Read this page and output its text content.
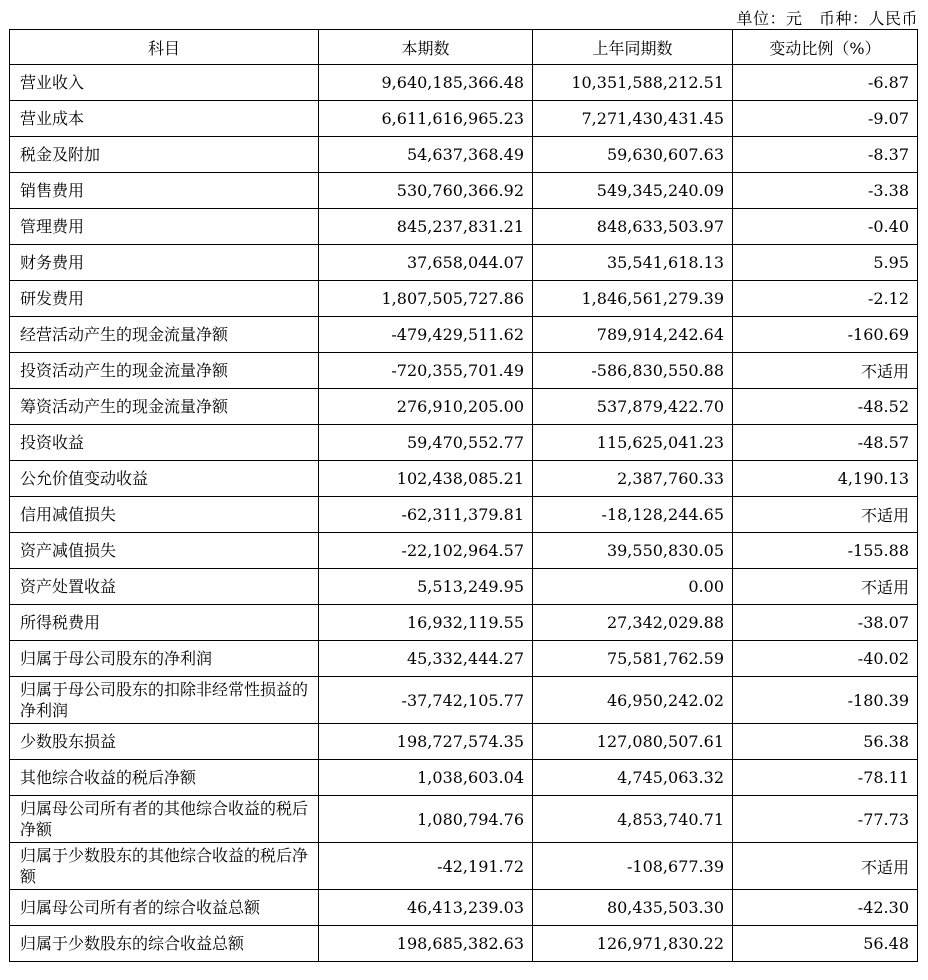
单位：元　币种：人民币
科目	本期数	上年同期数	变动比例（%）
营业收入	9,640,185,366.48	10,351,588,212.51	-6.87
营业成本	6,611,616,965.23	7,271,430,431.45	-9.07
税金及附加	54,637,368.49	59,630,607.63	-8.37
销售费用	530,760,366.92	549,345,240.09	-3.38
管理费用	845,237,831.21	848,633,503.97	-0.40
财务费用	37,658,044.07	35,541,618.13	5.95
研发费用	1,807,505,727.86	1,846,561,279.39	-2.12
经营活动产生的现金流量净额	-479,429,511.62	789,914,242.64	-160.69
投资活动产生的现金流量净额	-720,355,701.49	-586,830,550.88	不适用
筹资活动产生的现金流量净额	276,910,205.00	537,879,422.70	-48.52
投资收益	59,470,552.77	115,625,041.23	-48.57
公允价值变动收益	102,438,085.21	2,387,760.33	4,190.13
信用减值损失	-62,311,379.81	-18,128,244.65	不适用
资产减值损失	-22,102,964.57	39,550,830.05	-155.88
资产处置收益	5,513,249.95	0.00	不适用
所得税费用	16,932,119.55	27,342,029.88	-38.07
归属于母公司股东的净利润	45,332,444.27	75,581,762.59	-40.02
归属于母公司股东的扣除非经常性损益的净利润	-37,742,105.77	46,950,242.02	-180.39
少数股东损益	198,727,574.35	127,080,507.61	56.38
其他综合收益的税后净额	1,038,603.04	4,745,063.32	-78.11
归属母公司所有者的其他综合收益的税后净额	1,080,794.76	4,853,740.71	-77.73
归属于少数股东的其他综合收益的税后净额	-42,191.72	-108,677.39	不适用
归属母公司所有者的综合收益总额	46,413,239.03	80,435,503.30	-42.30
归属于少数股东的综合收益总额	198,685,382.63	126,971,830.22	56.48
